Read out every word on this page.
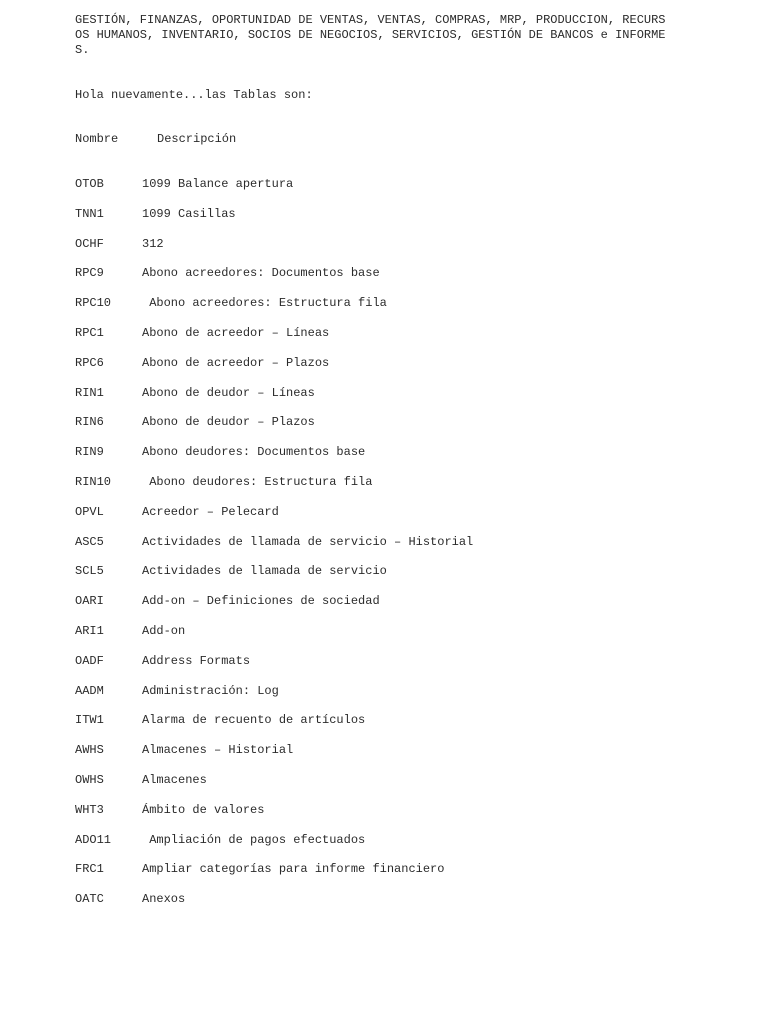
GESTIÓN, FINANZAS, OPORTUNIDAD DE VENTAS, VENTAS, COMPRAS, MRP, PRODUCCION, RECURS
OS HUMANOS, INVENTARIO, SOCIOS DE NEGOCIOS, SERVICIOS, GESTIÓN DE BANCOS e INFORME
S.
Hola nuevamente...las Tablas son:
Nombre	Descripción
OTOB	1099 Balance apertura
TNN1	1099 Casillas
OCHF	312
RPC9	Abono acreedores: Documentos base
RPC10	Abono acreedores: Estructura fila
RPC1	Abono de acreedor – Líneas
RPC6	Abono de acreedor – Plazos
RIN1	Abono de deudor – Líneas
RIN6	Abono de deudor – Plazos
RIN9	Abono deudores: Documentos base
RIN10	Abono deudores: Estructura fila
OPVL	Acreedor – Pelecard
ASC5	Actividades de llamada de servicio – Historial
SCL5	Actividades de llamada de servicio
OARI	Add-on – Definiciones de sociedad
ARI1	Add-on
OADF	Address Formats
AADM	Administración: Log
ITW1	Alarma de recuento de artículos
AWHS	Almacenes – Historial
OWHS	Almacenes
WHT3	Ámbito de valores
ADO11	Ampliación de pagos efectuados
FRC1	Ampliar categorías para informe financiero
OATC	Anexos
